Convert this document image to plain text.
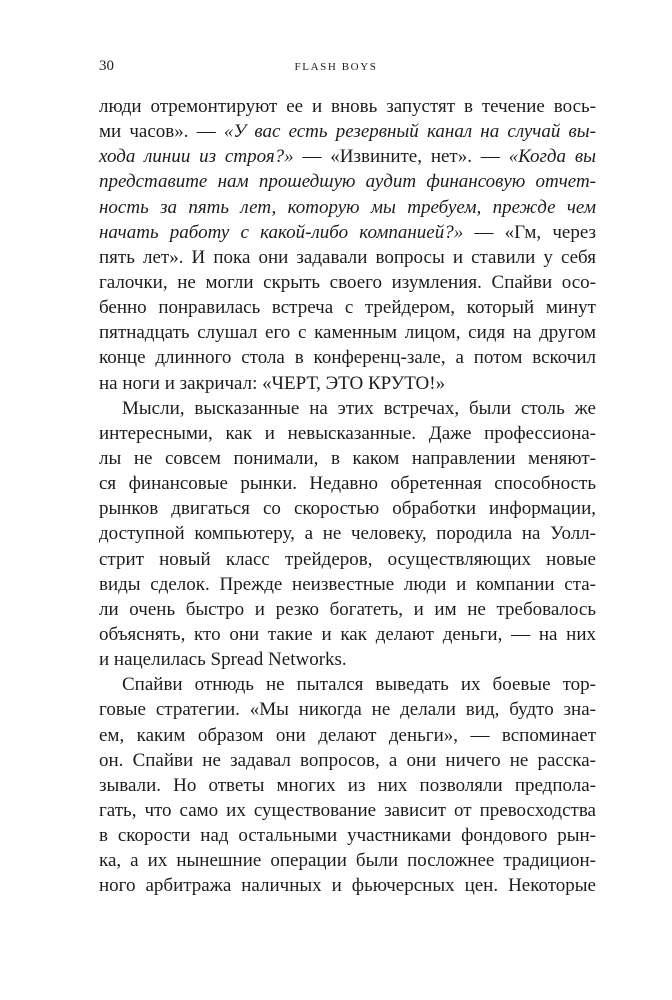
30	FLASH BOYS
люди отремонтируют ее и вновь запустят в течение вось-
ми часов». — «У вас есть резервный канал на случай вы-
хода линии из строя?» — «Извините, нет». — «Когда вы
представите нам прошедшую аудит финансовую отчет-
ность за пять лет, которую мы требуем, прежде чем
начать работу с какой-либо компанией?» — «Гм, через
пять лет». И пока они задавали вопросы и ставили у себя
галочки, не могли скрыть своего изумления. Спайви осо-
бенно понравилась встреча с трейдером, который минут
пятнадцать слушал его с каменным лицом, сидя на другом
конце длинного стола в конференц-зале, а потом вскочил
на ноги и закричал: «ЧЕРТ, ЭТО КРУТО!»
Мысли, высказанные на этих встречах, были столь же
интересными, как и невысказанные. Даже профессиона-
лы не совсем понимали, в каком направлении меняют-
ся финансовые рынки. Недавно обретенная способность
рынков двигаться со скоростью обработки информации,
доступной компьютеру, а не человеку, породила на Уолл-
стрит новый класс трейдеров, осуществляющих новые
виды сделок. Прежде неизвестные люди и компании ста-
ли очень быстро и резко богатеть, и им не требовалось
объяснять, кто они такие и как делают деньги, — на них
и нацелилась Spread Networks.
Спайви отнюдь не пытался выведать их боевые тор-
говые стратегии. «Мы никогда не делали вид, будто зна-
ем, каким образом они делают деньги», — вспоминает
он. Спайви не задавал вопросов, а они ничего не расска-
зывали. Но ответы многих из них позволяли предпола-
гать, что само их существование зависит от превосходства
в скорости над остальными участниками фондового рын-
ка, а их нынешние операции были посложнее традицион-
ного арбитража наличных и фьючерсных цен. Некоторые
